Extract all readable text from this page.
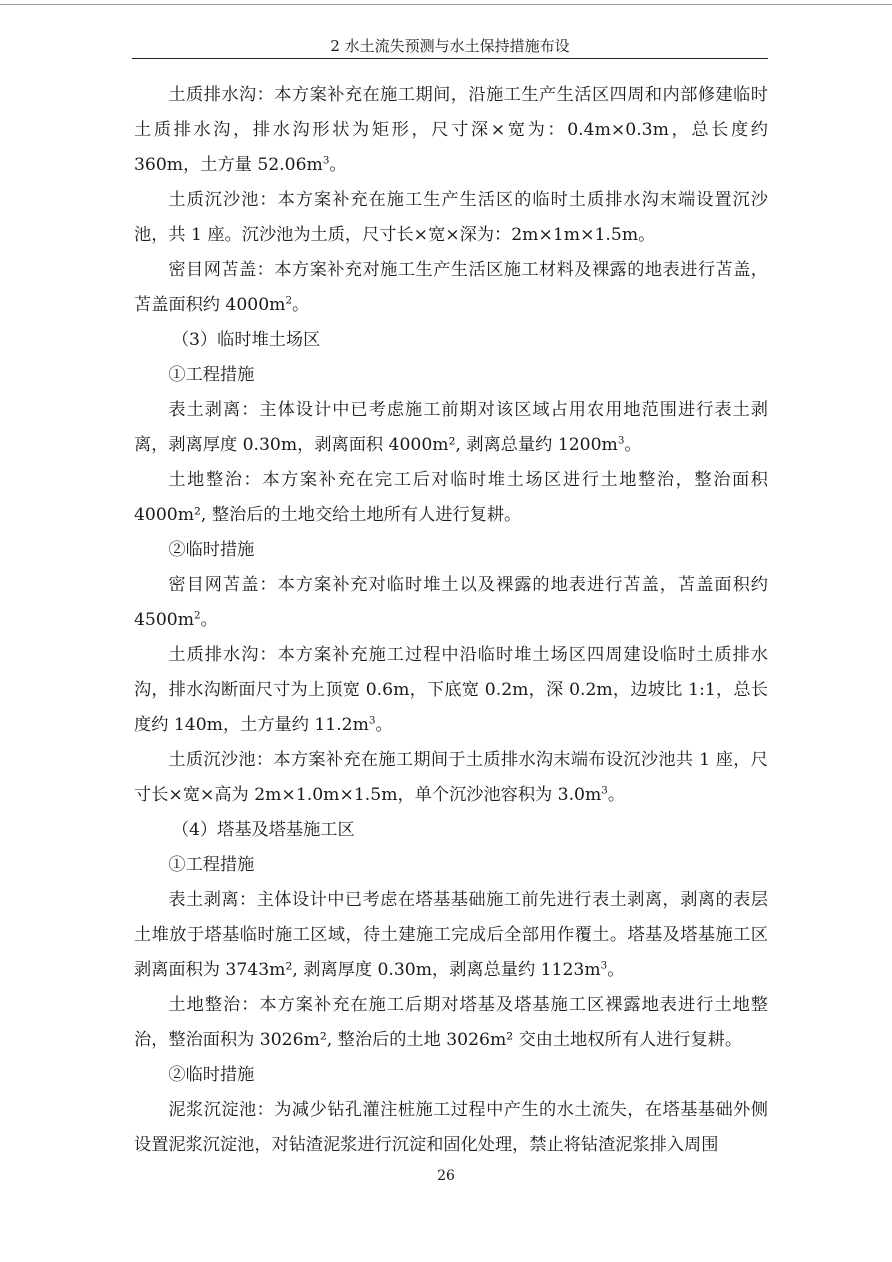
2 水土流失预测与水土保持措施布设

土质排水沟：本方案补充在施工期间，沿施工生产生活区四周和内部修建临时土质排水沟，排水沟形状为矩形，尺寸深×宽为：0.4m×0.3m，总长度约 360m，土方量 $52.06m^3$。

土质沉沙池：本方案补充在施工生产生活区的临时土质排水沟末端设置沉沙池，共 1 座。沉沙池为土质，尺寸长×宽×深为：2m×1m×1.5m。

密目网苫盖：本方案补充对施工生产生活区施工材料及裸露的地表进行苫盖，苫盖面积约 $4000m^2$。

（3）临时堆土场区

①工程措施

表土剥离：主体设计中已考虑施工前期对该区域占用农用地范围进行表土剥离，剥离厚度 0.30m，剥离面积 4000m², 剥离总量约 $1200m^3$。

土地整治：本方案补充在完工后对临时堆土场区进行土地整治，整治面积 4000m², 整治后的土地交给土地所有人进行复耕。

②临时措施

密目网苫盖：本方案补充对临时堆土以及裸露的地表进行苫盖，苫盖面积约 $4500m^2$。

土质排水沟：本方案补充施工过程中沿临时堆土场区四周建设临时土质排水沟，排水沟断面尺寸为上顶宽 0.6m，下底宽 0.2m，深 0.2m，边坡比 1:1，总长度约 140m，土方量约 $11.2m^3$。

土质沉沙池：本方案补充在施工期间于土质排水沟末端布设沉沙池共 1 座，尺寸长×宽×高为 2m×1.0m×1.5m，单个沉沙池容积为 $3.0m^3$。

（4）塔基及塔基施工区

①工程措施

表土剥离：主体设计中已考虑在塔基基础施工前先进行表土剥离，剥离的表层土堆放于塔基临时施工区域，待土建施工完成后全部用作覆土。塔基及塔基施工区剥离面积为 3743m², 剥离厚度 0.30m，剥离总量约 $1123m^3$。

土地整治：本方案补充在施工后期对塔基及塔基施工区裸露地表进行土地整治，整治面积为 3026m², 整治后的土地 3026m² 交由土地权所有人进行复耕。

②临时措施

泥浆沉淀池：为减少钻孔灌注桩施工过程中产生的水土流失，在塔基基础外侧设置泥浆沉淀池，对钻渣泥浆进行沉淀和固化处理，禁止将钻渣泥浆排入周围

26
